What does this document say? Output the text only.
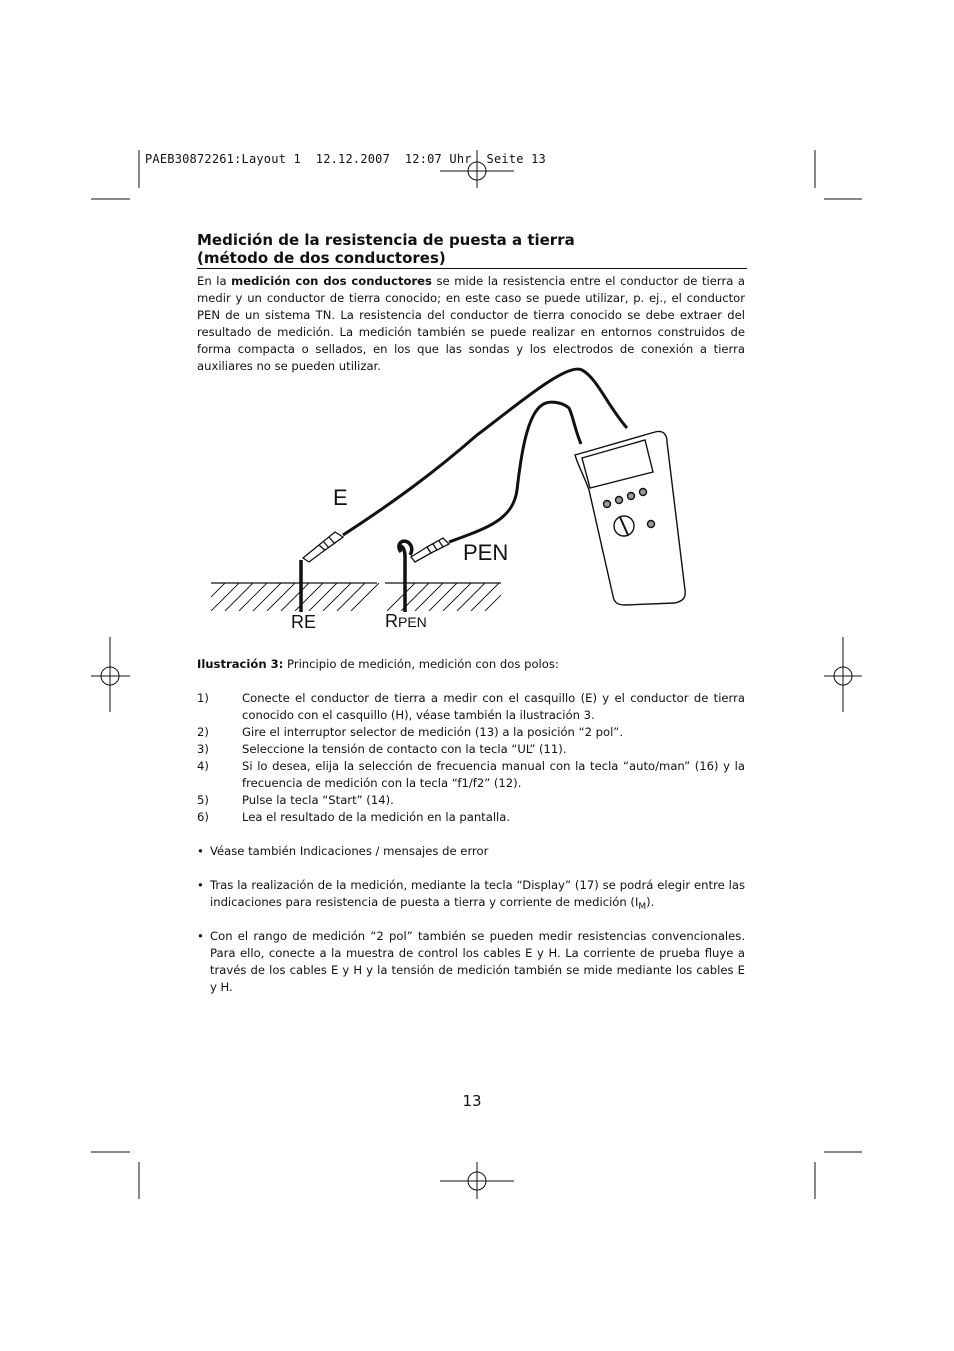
PAEB30872261:Layout 1  12.12.2007  12:07 Uhr  Seite 13
Medición de la resistencia de puesta a tierra
(método de dos conductores)
En la medición con dos conductores se mide la resistencia entre el conductor de tierra a medir y un conductor de tierra conocido; en este caso se puede utilizar, p. ej., el conductor PEN de un sistema TN. La resistencia del conductor de tierra conocido se debe extraer del resultado de medición. La medición también se puede realizar en entornos construidos de forma compacta o sellados, en los que las sondas y los electrodos de conexión a tierra auxiliares no se pueden utilizar.
E
PEN
RE	RPEN
Ilustración 3: Principio de medición, medición con dos polos:
1)	Conecte el conductor de tierra a medir con el casquillo (E) y el conductor de tierra conocido con el casquillo (H), véase también la ilustración 3.
2)	Gire el interruptor selector de medición (13) a la posición “2 pol”.
3)	Seleccione la tensión de contacto con la tecla “UL” (11).
4)	Si lo desea, elija la selección de frecuencia manual con la tecla “auto/man” (16) y la frecuencia de medición con la tecla “f1/f2” (12).
5)	Pulse la tecla “Start” (14).
6)	Lea el resultado de la medición en la pantalla.
• Véase también Indicaciones / mensajes de error
• Tras la realización de la medición, mediante la tecla “Display” (17) se podrá elegir entre las indicaciones para resistencia de puesta a tierra y corriente de medición $(I_M)$.
• Con el rango de medición “2 pol” también se pueden medir resistencias convencionales. Para ello, conecte a la muestra de control los cables E y H. La corriente de prueba fluye a través de los cables E y H y la tensión de medición también se mide mediante los cables E y H.
13
